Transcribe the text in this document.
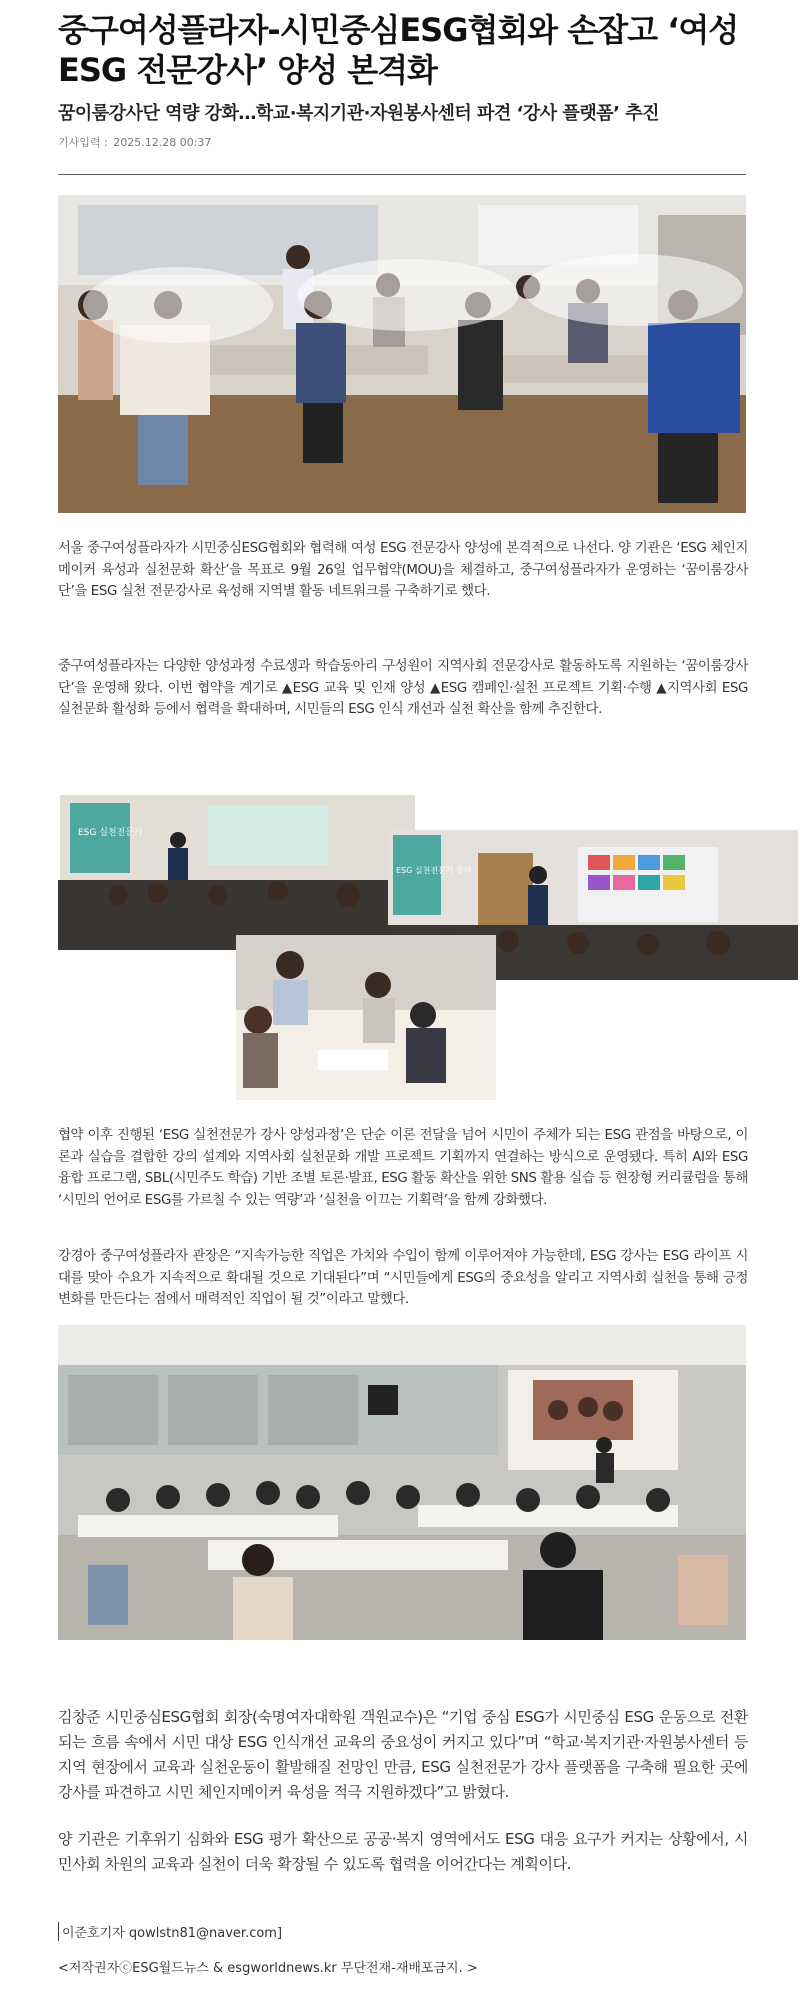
중구여성플라자-시민중심ESG협회와 손잡고 ‘여성 ESG 전문강사’ 양성 본격화
꿈이룸강사단 역량 강화…학교·복지기관·자원봉사센터 파견 ‘강사 플랫폼’ 추진
기사입력 : 2025.12.28 00:37

서울 중구여성플라자가 시민중심ESG협회와 협력해 여성 ESG 전문강사 양성에 본격적으로 나선다. 양 기관은 ‘ESG 체인지메이커 육성과 실천문화 확산’을 목표로 9월 26일 업무협약(MOU)을 체결하고, 중구여성플라자가 운영하는 ‘꿈이룸강사단’을 ESG 실천 전문강사로 육성해 지역별 활동 네트워크를 구축하기로 했다.

중구여성플라자는 다양한 양성과정 수료생과 학습동아리 구성원이 지역사회 전문강사로 활동하도록 지원하는 ‘꿈이룸강사단’을 운영해 왔다. 이번 협약을 계기로 ▲ESG 교육 및 인재 양성 ▲ESG 캠페인·실천 프로젝트 기획·수행 ▲지역사회 ESG 실천문화 활성화 등에서 협력을 확대하며, 시민들의 ESG 인식 개선과 실천 확산을 함께 추진한다.

ESG 실천전문가
ESG 실천전문가 강사

협약 이후 진행된 ‘ESG 실천전문가 강사 양성과정’은 단순 이론 전달을 넘어 시민이 주체가 되는 ESG 관점을 바탕으로, 이론과 실습을 결합한 강의 설계와 지역사회 실천문화 개발 프로젝트 기획까지 연결하는 방식으로 운영됐다. 특히 AI와 ESG 융합 프로그램, SBL(시민주도 학습) 기반 조별 토론·발표, ESG 활동 확산을 위한 SNS 활용 실습 등 현장형 커리큘럼을 통해 ‘시민의 언어로 ESG를 가르칠 수 있는 역량’과 ‘실천을 이끄는 기획력’을 함께 강화했다.

강경아 중구여성플라자 관장은 “지속가능한 직업은 가치와 수입이 함께 이루어져야 가능한데, ESG 강사는 ESG 라이프 시대를 맞아 수요가 지속적으로 확대될 것으로 기대된다”며 “시민들에게 ESG의 중요성을 알리고 지역사회 실천을 통해 긍정 변화를 만든다는 점에서 매력적인 직업이 될 것”이라고 말했다.

김창준 시민중심ESG협회 회장(숙명여자대학원 객원교수)은 “기업 중심 ESG가 시민중심 ESG 운동으로 전환되는 흐름 속에서 시민 대상 ESG 인식개선 교육의 중요성이 커지고 있다”며 “학교·복지기관·자원봉사센터 등 지역 현장에서 교육과 실천운동이 활발해질 전망인 만큼, ESG 실천전문가 강사 플랫폼을 구축해 필요한 곳에 강사를 파견하고 시민 체인지메이커 육성을 적극 지원하겠다”고 밝혔다.

양 기관은 기후위기 심화와 ESG 평가 확산으로 공공·복지 영역에서도 ESG 대응 요구가 커지는 상황에서, 시민사회 차원의 교육과 실천이 더욱 확장될 수 있도록 협력을 이어간다는 계획이다.

이준호기자 qowlstn81@naver.com]
<저작권자ⓒESG월드뉴스 & esgworldnews.kr 무단전재-재배포금지. >
